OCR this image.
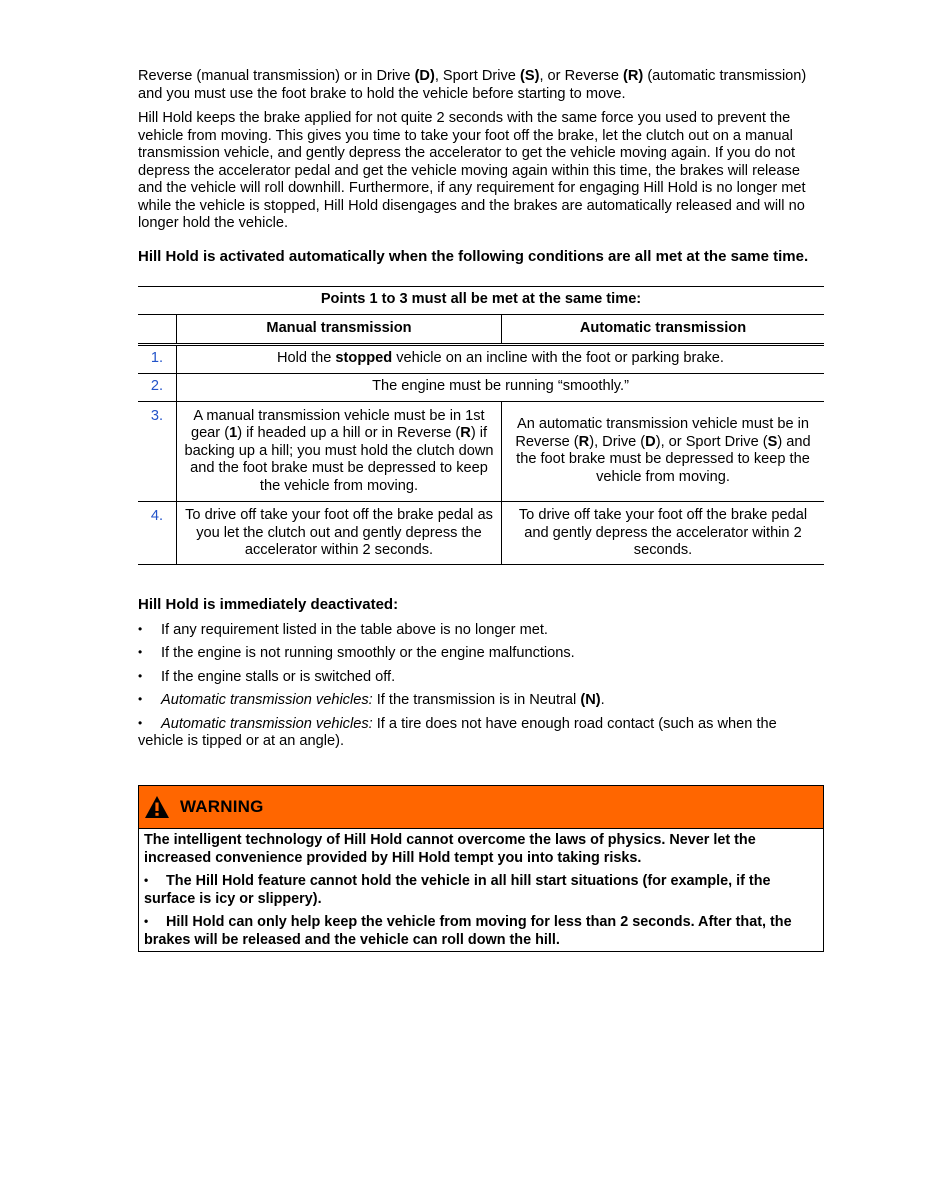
Reverse (manual transmission) or in Drive (D), Sport Drive (S), or Reverse (R) (automatic transmission) and you must use the foot brake to hold the vehicle before starting to move.

Hill Hold keeps the brake applied for not quite 2 seconds with the same force you used to prevent the vehicle from moving. This gives you time to take your foot off the brake, let the clutch out on a manual transmission vehicle, and gently depress the accelerator to get the vehicle moving again. If you do not depress the accelerator pedal and get the vehicle moving again within this time, the brakes will release and the vehicle will roll downhill. Furthermore, if any requirement for engaging Hill Hold is no longer met while the vehicle is stopped, Hill Hold disengages and the brakes are automatically released and will no longer hold the vehicle.

Hill Hold is activated automatically when the following conditions are all met at the same time.
Points 1 to 3 must all be met at the same time:		
	Manual transmission	Automatic transmission
1.	Hold the stopped vehicle on an incline with the foot or parking brake.	
2.	The engine must be running “smoothly.”	
3.	A manual transmission vehicle must be in 1st gear (1) if headed up a hill or in Reverse (R) if backing up a hill; you must hold the clutch down and the foot brake must be depressed to keep the vehicle from moving.	An automatic transmission vehicle must be in Reverse (R), Drive (D), or Sport Drive (S) and the foot brake must be depressed to keep the vehicle from moving.
4.	To drive off take your foot off the brake pedal as you let the clutch out and gently depress the accelerator within 2 seconds.	To drive off take your foot off the brake pedal and gently depress the accelerator within 2 seconds.
Hill Hold is immediately deactivated:
• If any requirement listed in the table above is no longer met.
• If the engine is not running smoothly or the engine malfunctions.
• If the engine stalls or is switched off.
• Automatic transmission vehicles: If the transmission is in Neutral (N).
• Automatic transmission vehicles: If a tire does not have enough road contact (such as when the vehicle is tipped or at an angle).
WARNING

The intelligent technology of Hill Hold cannot overcome the laws of physics. Never let the increased convenience provided by Hill Hold tempt you into taking risks.

• The Hill Hold feature cannot hold the vehicle in all hill start situations (for example, if the surface is icy or slippery).

• Hill Hold can only help keep the vehicle from moving for less than 2 seconds. After that, the brakes will be released and the vehicle can roll down the hill.
